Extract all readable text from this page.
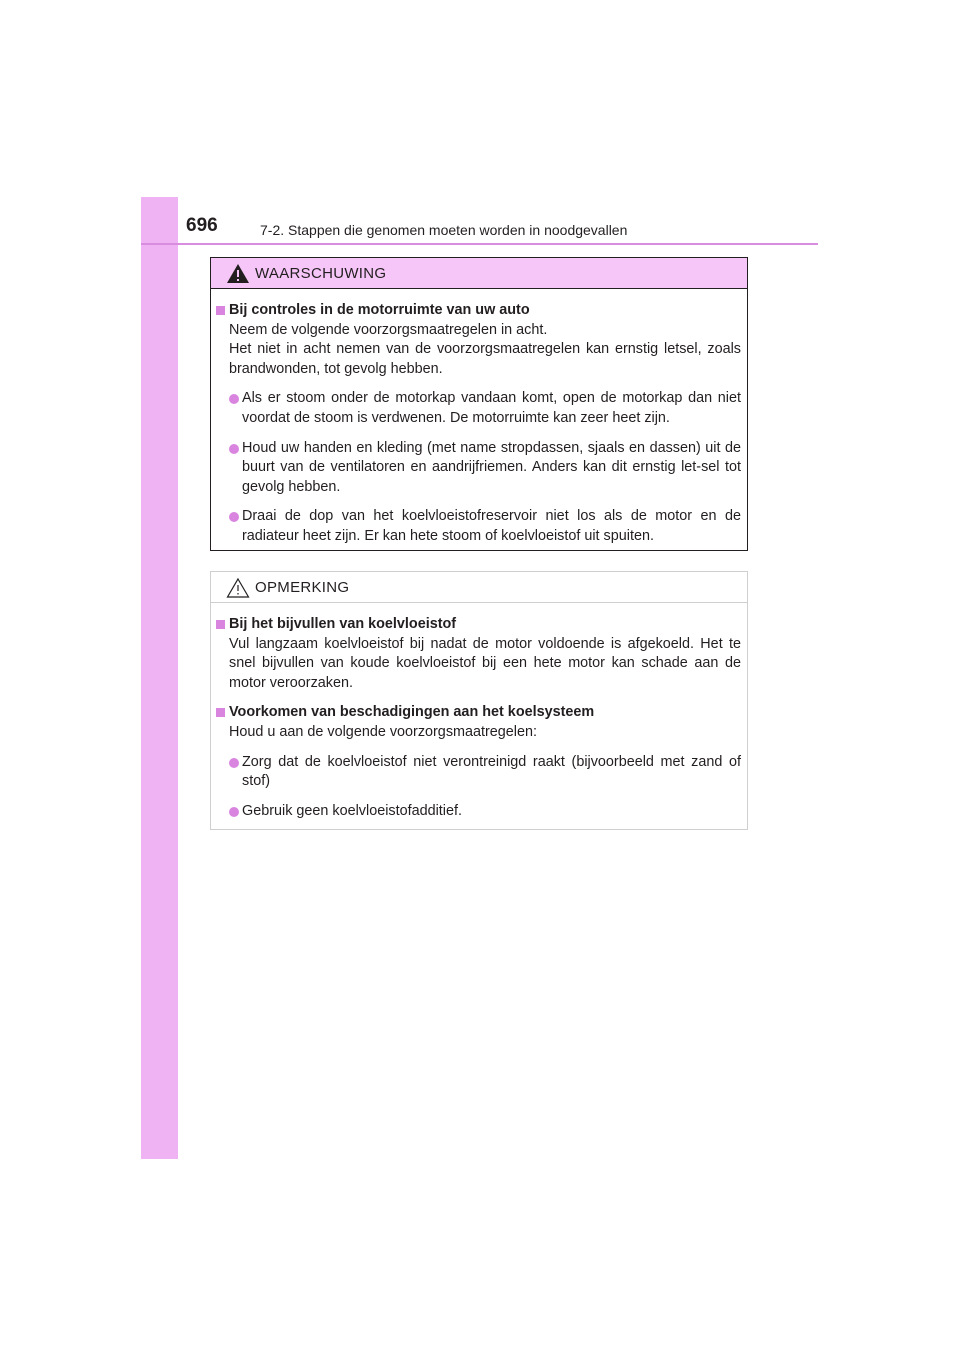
696	7-2. Stappen die genomen moeten worden in noodgevallen
WAARSCHUWING
Bij controles in de motorruimte van uw auto
Neem de volgende voorzorgsmaatregelen in acht.
Het niet in acht nemen van de voorzorgsmaatregelen kan ernstig letsel, zoals brandwonden, tot gevolg hebben.
Als er stoom onder de motorkap vandaan komt, open de motorkap dan niet voordat de stoom is verdwenen. De motorruimte kan zeer heet zijn.
Houd uw handen en kleding (met name stropdassen, sjaals en dassen) uit de buurt van de ventilatoren en aandrijfriemen. Anders kan dit ernstig let-sel tot gevolg hebben.
Draai de dop van het koelvloeistofreservoir niet los als de motor en de radiateur heet zijn. Er kan hete stoom of koelvloeistof uit spuiten.
OPMERKING
Bij het bijvullen van koelvloeistof
Vul langzaam koelvloeistof bij nadat de motor voldoende is afgekoeld. Het te snel bijvullen van koude koelvloeistof bij een hete motor kan schade aan de motor veroorzaken.
Voorkomen van beschadigingen aan het koelsysteem
Houd u aan de volgende voorzorgsmaatregelen:
Zorg dat de koelvloeistof niet verontreinigd raakt (bijvoorbeeld met zand of stof)
Gebruik geen koelvloeistofadditief.
